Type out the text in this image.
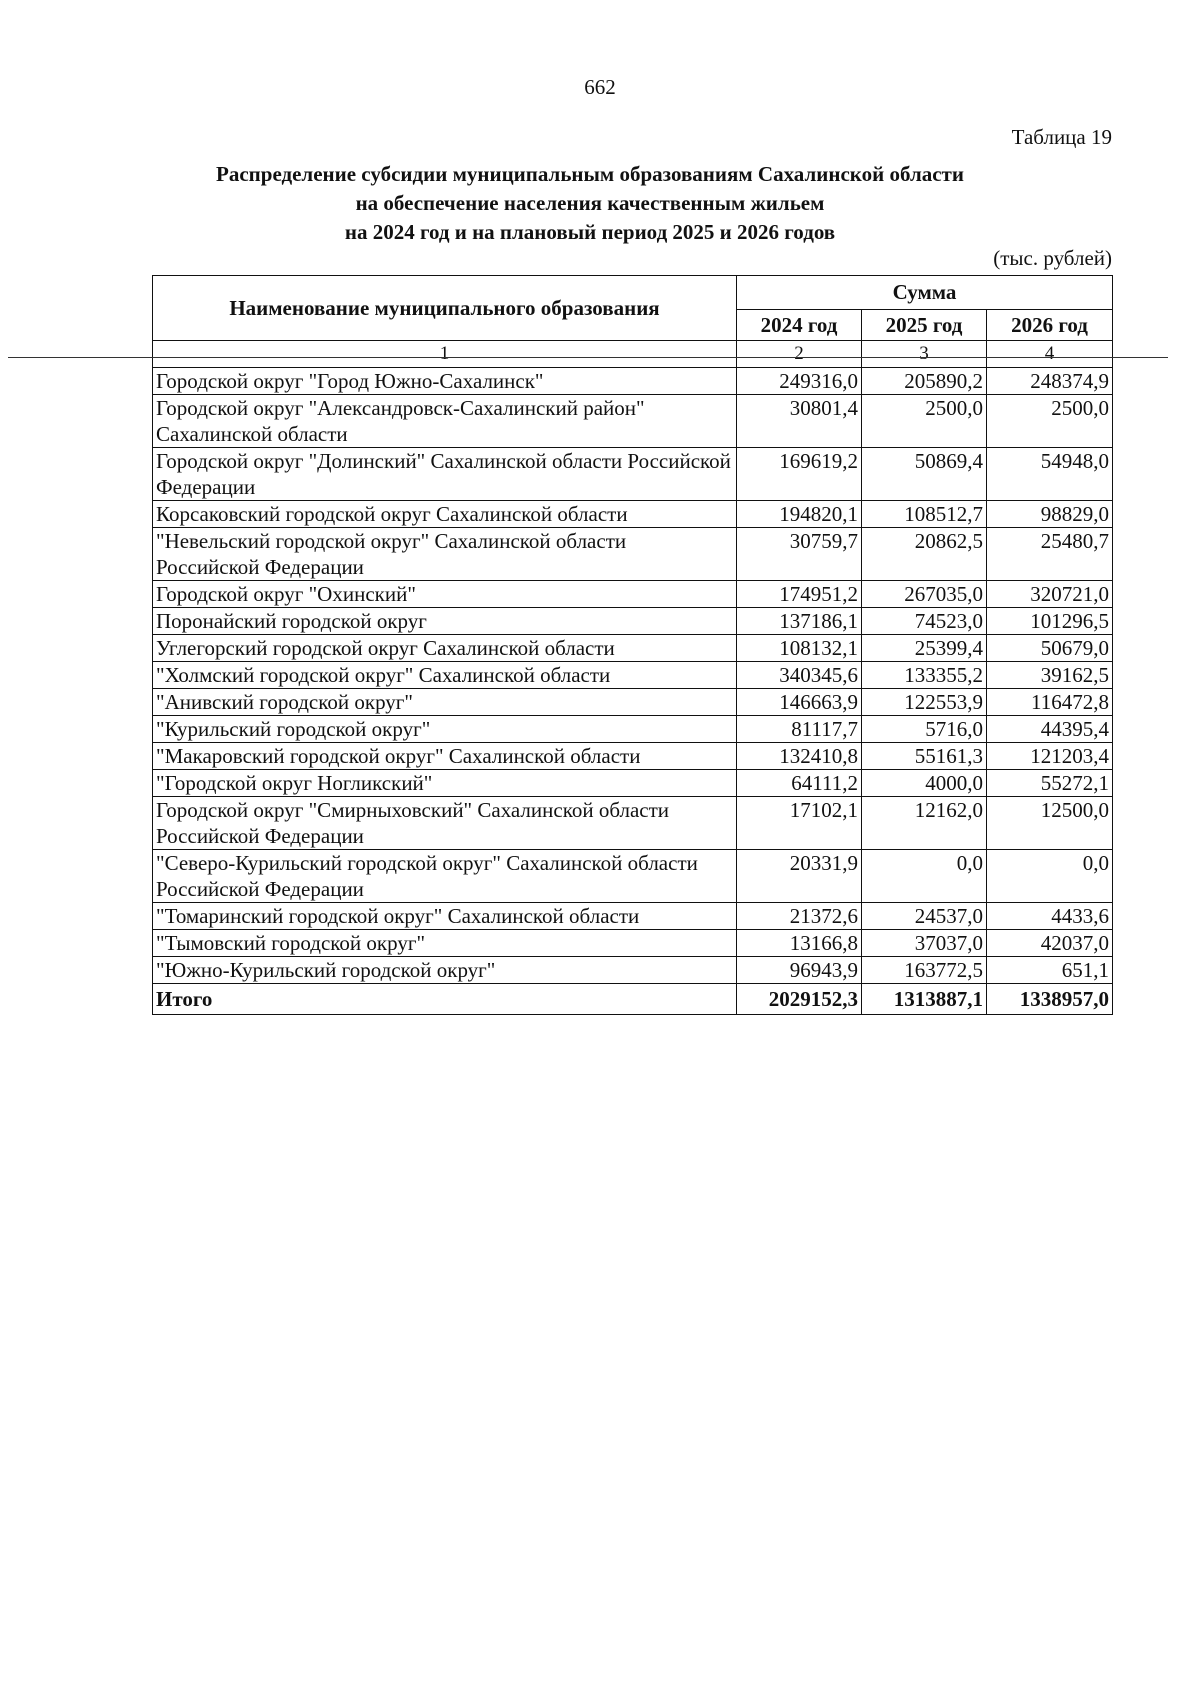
662
Таблица 19
Распределение субсидии муниципальным образованиям Сахалинской области
на обеспечение населения качественным жильем
на 2024 год и на плановый период 2025 и 2026 годов
(тыс. рублей)
Наименование муниципального образования	Сумма		
	2024 год	2025 год	2026 год
1	2	3	4
Городской округ "Город Южно-Сахалинск"	249316,0	205890,2	248374,9
Городской округ "Александровск-Сахалинский район" Сахалинской области	30801,4	2500,0	2500,0
Городской округ "Долинский" Сахалинской области Российской Федерации	169619,2	50869,4	54948,0
Корсаковский городской округ Сахалинской области	194820,1	108512,7	98829,0
"Невельский городской округ" Сахалинской области Российской Федерации	30759,7	20862,5	25480,7
Городской округ "Охинский"	174951,2	267035,0	320721,0
Поронайский городской округ	137186,1	74523,0	101296,5
Углегорский городской округ Сахалинской области	108132,1	25399,4	50679,0
"Холмский городской округ" Сахалинской области	340345,6	133355,2	39162,5
"Анивский городской округ"	146663,9	122553,9	116472,8
"Курильский городской округ"	81117,7	5716,0	44395,4
"Макаровский городской округ" Сахалинской области	132410,8	55161,3	121203,4
"Городской округ Ногликский"	64111,2	4000,0	55272,1
Городской округ "Смирныховский" Сахалинской области Российской Федерации	17102,1	12162,0	12500,0
"Северо-Курильский городской округ" Сахалинской области Российской Федерации	20331,9	0,0	0,0
"Томаринский городской округ" Сахалинской области	21372,6	24537,0	4433,6
"Тымовский городской округ"	13166,8	37037,0	42037,0
"Южно-Курильский городской округ"	96943,9	163772,5	651,1
Итого	2029152,3	1313887,1	1338957,0
